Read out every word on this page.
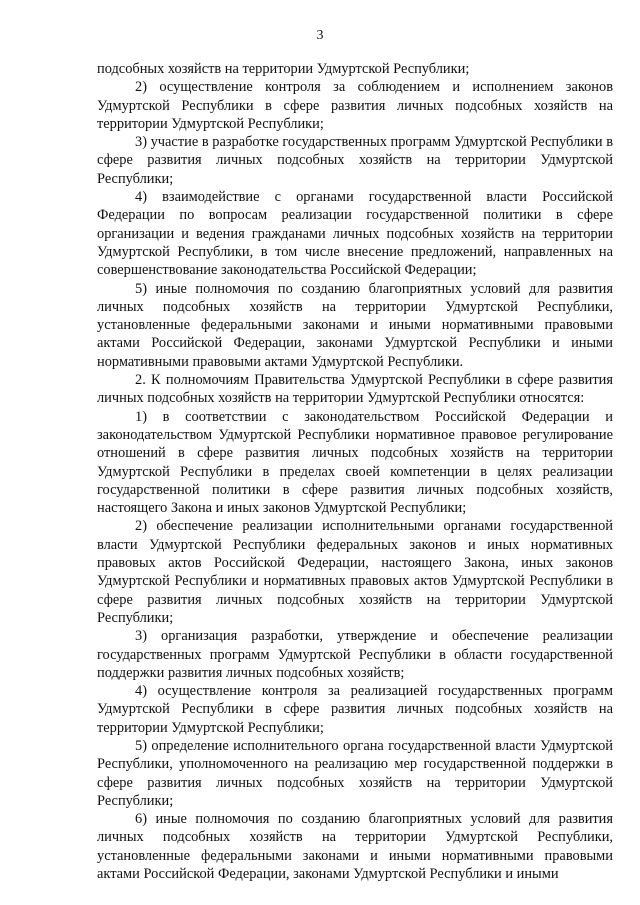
3

подсобных хозяйств на территории Удмуртской Республики;

2) осуществление контроля за соблюдением и исполнением законов Удмуртской Республики в сфере развития личных подсобных хозяйств на территории Удмуртской Республики;

3) участие в разработке государственных программ Удмуртской Республики в сфере развития личных подсобных хозяйств на территории Удмуртской Республики;

4) взаимодействие с органами государственной власти Российской Федерации по вопросам реализации государственной политики в сфере организации и ведения гражданами личных подсобных хозяйств на территории Удмуртской Республики, в том числе внесение предложений, направленных на совершенствование законодательства Российской Федерации;

5) иные полномочия по созданию благоприятных условий для развития личных подсобных хозяйств на территории Удмуртской Республики, установленные федеральными законами и иными нормативными правовыми актами Российской Федерации, законами Удмуртской Республики и иными нормативными правовыми актами Удмуртской Республики.

2. К полномочиям Правительства Удмуртской Республики в сфере развития личных подсобных хозяйств на территории Удмуртской Республики относятся:

1) в соответствии с законодательством Российской Федерации и законодательством Удмуртской Республики нормативное правовое регулирование отношений в сфере развития личных подсобных хозяйств на территории Удмуртской Республики в пределах своей компетенции в целях реализации государственной политики в сфере развития личных подсобных хозяйств, настоящего Закона и иных законов Удмуртской Республики;

2) обеспечение реализации исполнительными органами государственной власти Удмуртской Республики федеральных законов и иных нормативных правовых актов Российской Федерации, настоящего Закона, иных законов Удмуртской Республики и нормативных правовых актов Удмуртской Республики в сфере развития личных подсобных хозяйств на территории Удмуртской Республики;

3) организация разработки, утверждение и обеспечение реализации государственных программ Удмуртской Республики в области государственной поддержки развития личных подсобных хозяйств;

4) осуществление контроля за реализацией государственных программ Удмуртской Республики в сфере развития личных подсобных хозяйств на территории Удмуртской Республики;

5) определение исполнительного органа государственной власти Удмуртской Республики, уполномоченного на реализацию мер государственной поддержки в сфере развития личных подсобных хозяйств на территории Удмуртской Республики;

6) иные полномочия по созданию благоприятных условий для развития личных подсобных хозяйств на территории Удмуртской Республики, установленные федеральными законами и иными нормативными правовыми актами Российской Федерации, законами Удмуртской Республики и иными
